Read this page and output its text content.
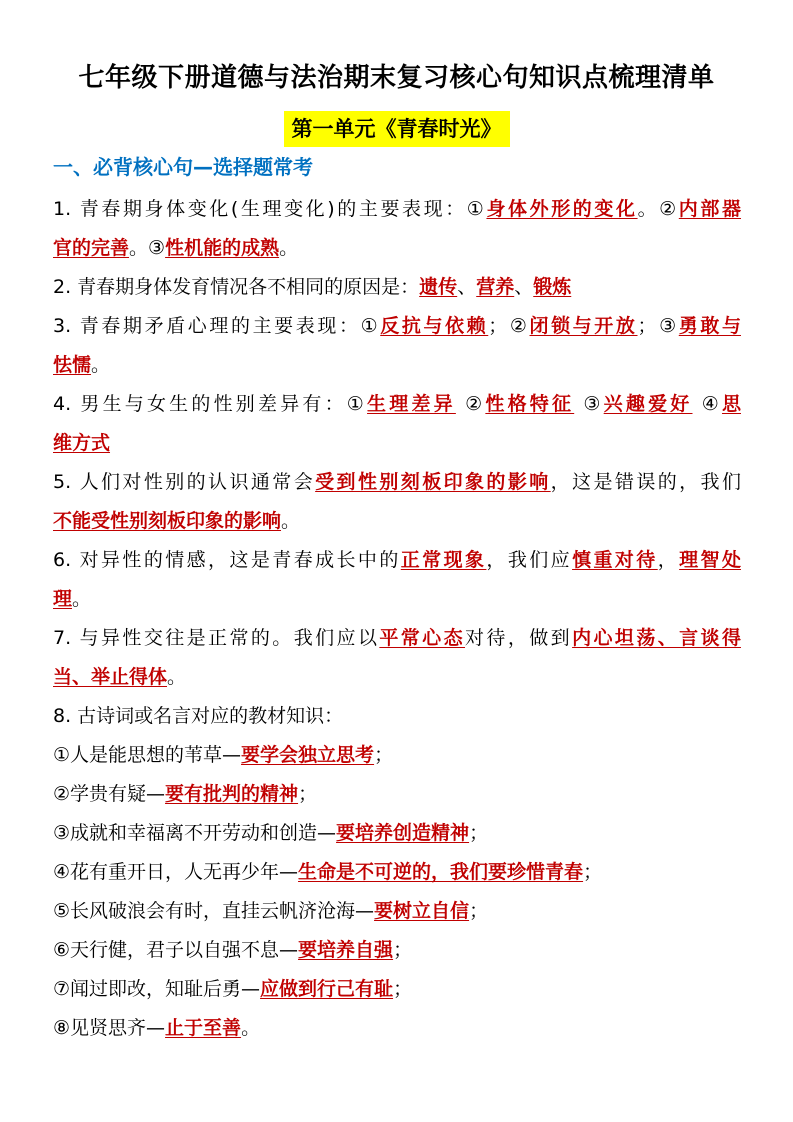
七年级下册道德与法治期末复习核心句知识点梳理清单
第一单元《青春时光》
一、必背核心句—选择题常考
1. 青春期身体变化(生理变化)的主要表现：①身体外形的变化。②内部器
官的完善。③性机能的成熟。
2. 青春期身体发育情况各不相同的原因是：遗传、营养、锻炼
3. 青春期矛盾心理的主要表现：①反抗与依赖；②闭锁与开放；③勇敢与
怯懦。
4. 男生与女生的性别差异有：①生理差异 ②性格特征 ③兴趣爱好 ④思
维方式
5. 人们对性别的认识通常会受到性别刻板印象的影响，这是错误的，我们
不能受性别刻板印象的影响。
6. 对异性的情感，这是青春成长中的正常现象，我们应慎重对待，理智处
理。
7. 与异性交往是正常的。我们应以平常心态对待，做到内心坦荡、言谈得
当、举止得体。
8. 古诗词或名言对应的教材知识：
①人是能思想的苇草—要学会独立思考；
②学贵有疑—要有批判的精神；
③成就和幸福离不开劳动和创造—要培养创造精神；
④花有重开日，人无再少年—生命是不可逆的，我们要珍惜青春；
⑤长风破浪会有时，直挂云帆济沧海—要树立自信；
⑥天行健，君子以自强不息—要培养自强；
⑦闻过即改，知耻后勇—应做到行己有耻；
⑧见贤思齐—止于至善。
